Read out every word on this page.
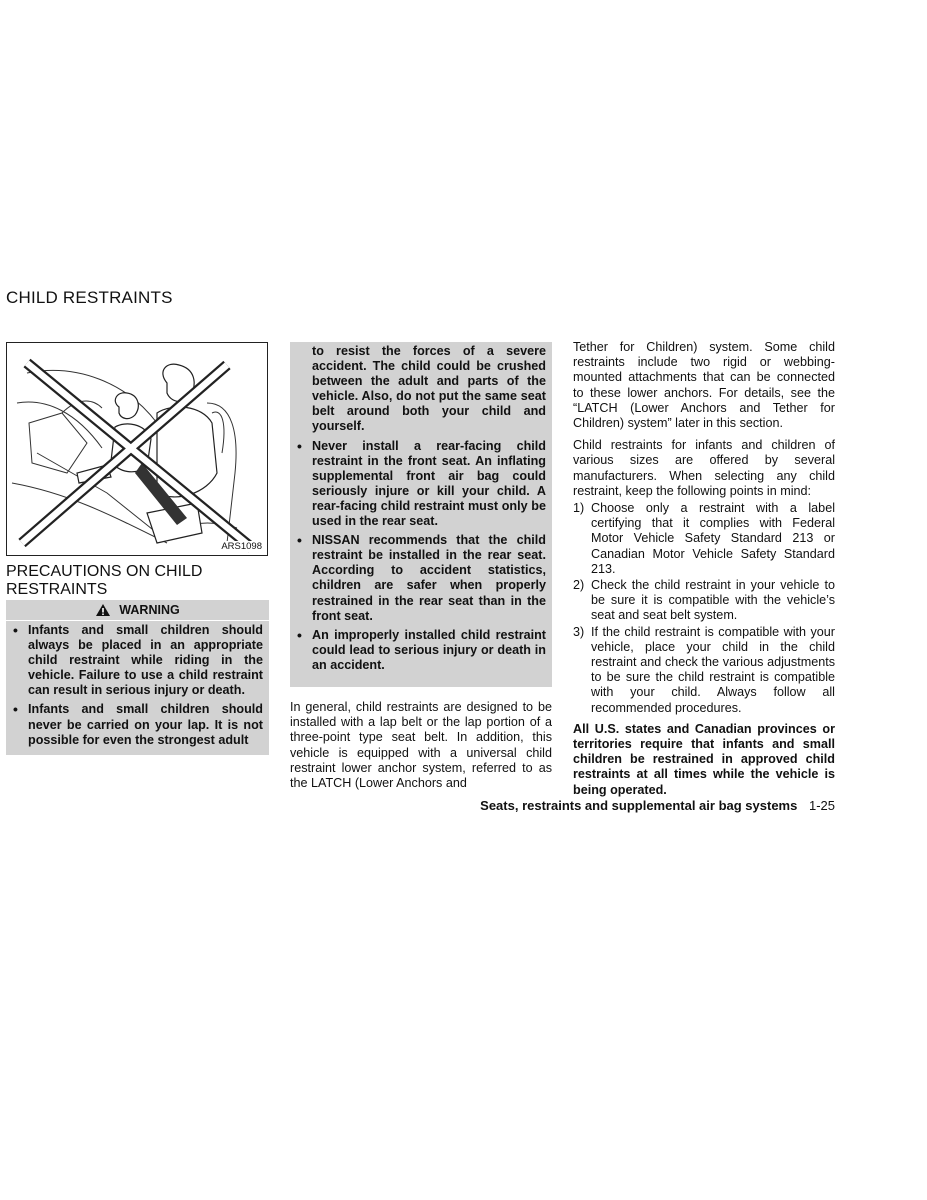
CHILD RESTRAINTS
ARS1098
PRECAUTIONS ON CHILD RESTRAINTS
WARNING
• Infants and small children should always be placed in an appropriate child restraint while riding in the vehicle. Failure to use a child restraint can result in serious injury or death.
• Infants and small children should never be carried on your lap. It is not possible for even the strongest adult
to resist the forces of a severe accident. The child could be crushed between the adult and parts of the vehicle. Also, do not put the same seat belt around both your child and yourself.
• Never install a rear-facing child restraint in the front seat. An inflating supplemental front air bag could seriously injure or kill your child. A rear-facing child restraint must only be used in the rear seat.
• NISSAN recommends that the child restraint be installed in the rear seat. According to accident statistics, children are safer when properly restrained in the rear seat than in the front seat.
• An improperly installed child restraint could lead to serious injury or death in an accident.
In general, child restraints are designed to be installed with a lap belt or the lap portion of a three-point type seat belt. In addition, this vehicle is equipped with a universal child restraint lower anchor system, referred to as the LATCH (Lower Anchors and

Tether for Children) system. Some child restraints include two rigid or webbing-mounted attachments that can be connected to these lower anchors. For details, see the “LATCH (Lower Anchors and Tether for Children) system” later in this section.

Child restraints for infants and children of various sizes are offered by several manufacturers. When selecting any child restraint, keep the following points in mind:

1) Choose only a restraint with a label certifying that it complies with Federal Motor Vehicle Safety Standard 213 or Canadian Motor Vehicle Safety Standard 213.
2) Check the child restraint in your vehicle to be sure it is compatible with the vehicle’s seat and seat belt system.
3) If the child restraint is compatible with your vehicle, place your child in the child restraint and check the various adjustments to be sure the child restraint is compatible with your child. Always follow all recommended procedures.

All U.S. states and Canadian provinces or territories require that infants and small children be restrained in approved child restraints at all times while the vehicle is being operated.

Seats, restraints and supplemental air bag systems 1-25
